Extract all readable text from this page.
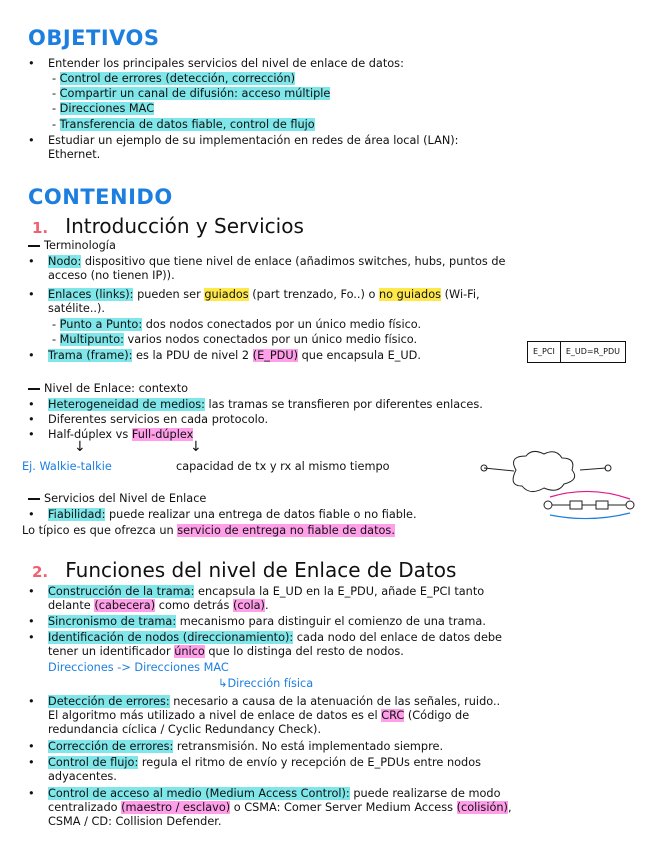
OBJETIVOS
• Entender los principales servicios del nivel de enlace de datos:
- Control de errores (detección, corrección)
- Compartir un canal de difusión: acceso múltiple
- Direcciones MAC
- Transferencia de datos fiable, control de flujo
• Estudiar un ejemplo de su implementación en redes de área local (LAN):
Ethernet.
CONTENIDO
1. Introducción y Servicios
Terminología
• Nodo: dispositivo que tiene nivel de enlace (añadimos switches, hubs, puntos de
acceso (no tienen IP)).
• Enlaces (links): pueden ser guiados (part trenzado, Fo..) o no guiados (Wi-Fi,
satélite..).
- Punto a Punto: dos nodos conectados por un único medio físico.
- Multipunto: varios nodos conectados por un único medio físico.
• Trama (frame): es la PDU de nivel 2 (E_PDU) que encapsula E_UD.	E_PCI	E_UD=R_PDU
Nivel de Enlace: contexto
• Heterogeneidad de medios: las tramas se transfieren por diferentes enlaces.
• Diferentes servicios en cada protocolo.
• Half-dúplex vs Full-dúplex
↓	↓
Ej. Walkie-talkie	capacidad de tx y rx al mismo tiempo
Servicios del Nivel de Enlace
• Fiabilidad: puede realizar una entrega de datos fiable o no fiable.
Lo típico es que ofrezca un servicio de entrega no fiable de datos.
2. Funciones del nivel de Enlace de Datos
• Construcción de la trama: encapsula la E_UD en la E_PDU, añade E_PCI tanto
delante (cabecera) como detrás (cola).
• Sincronismo de trama: mecanismo para distinguir el comienzo de una trama.
• Identificación de nodos (direccionamiento): cada nodo del enlace de datos debe
tener un identificador único que lo distinga del resto de nodos.
Direcciones -> Direcciones MAC
↳Dirección física
• Detección de errores: necesario a causa de la atenuación de las señales, ruido..
El algoritmo más utilizado a nivel de enlace de datos es el CRC (Código de
redundancia cíclica / Cyclic Redundancy Check).
• Corrección de errores: retransmisión. No está implementado siempre.
• Control de flujo: regula el ritmo de envío y recepción de E_PDUs entre nodos
adyacentes.
• Control de acceso al medio (Medium Access Control): puede realizarse de modo
centralizado (maestro / esclavo) o CSMA: Comer Server Medium Access (colisión),
CSMA / CD: Collision Defender.
